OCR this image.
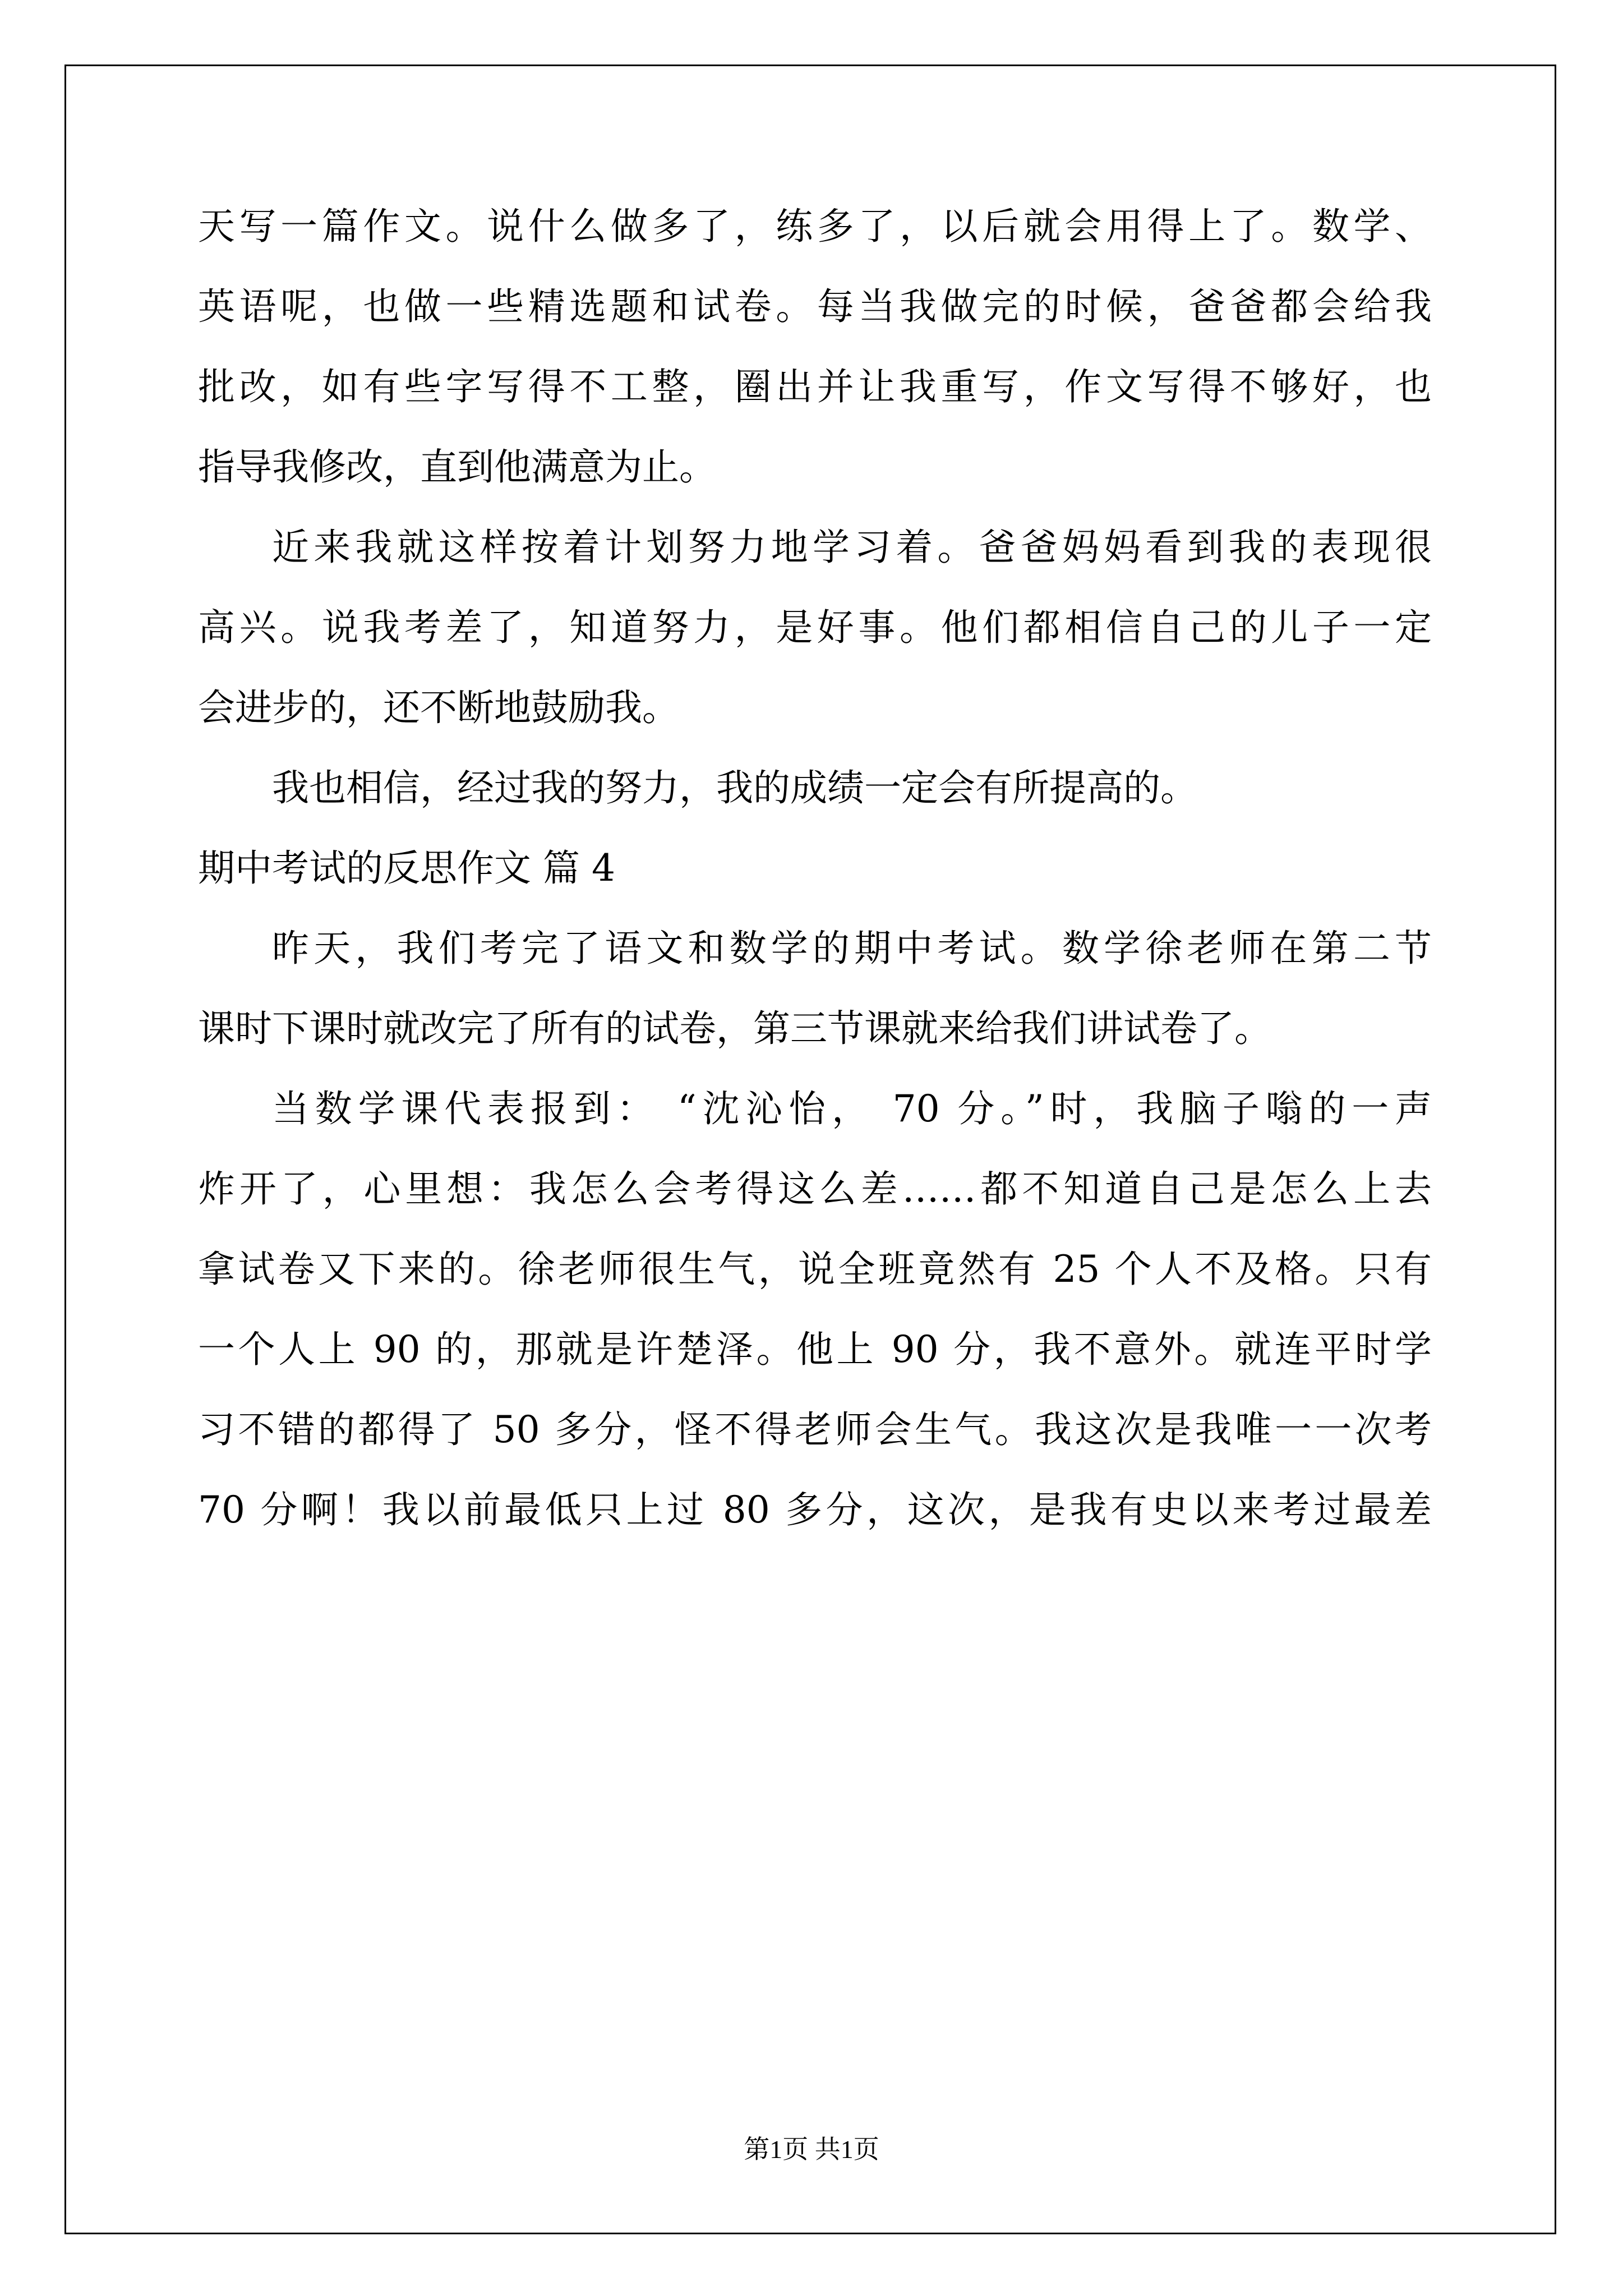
天写一篇作文。说什么做多了，练多了，以后就会用得上了。数学、
英语呢，也做一些精选题和试卷。每当我做完的时候，爸爸都会给我
批改，如有些字写得不工整，圈出并让我重写，作文写得不够好，也
指导我修改，直到他满意为止。
近来我就这样按着计划努力地学习着。爸爸妈妈看到我的表现很
高兴。说我考差了，知道努力，是好事。他们都相信自己的儿子一定
会进步的，还不断地鼓励我。
我也相信，经过我的努力，我的成绩一定会有所提高的。
期中考试的反思作文 篇 4
昨天，我们考完了语文和数学的期中考试。数学徐老师在第二节
课时下课时就改完了所有的试卷，第三节课就来给我们讲试卷了。
当数学课代表报到： “沈沁怡， 70 分。”时，我脑子嗡的一声
炸开了，心里想：我怎么会考得这么差……都不知道自己是怎么上去
拿试卷又下来的。徐老师很生气，说全班竟然有 25 个人不及格。只有
一个人上 90 的，那就是许楚泽。他上 90 分，我不意外。就连平时学
习不错的都得了 50 多分，怪不得老师会生气。我这次是我唯一一次考
70 分啊！我以前最低只上过 80 多分，这次，是我有史以来考过最差
第1页 共1页
